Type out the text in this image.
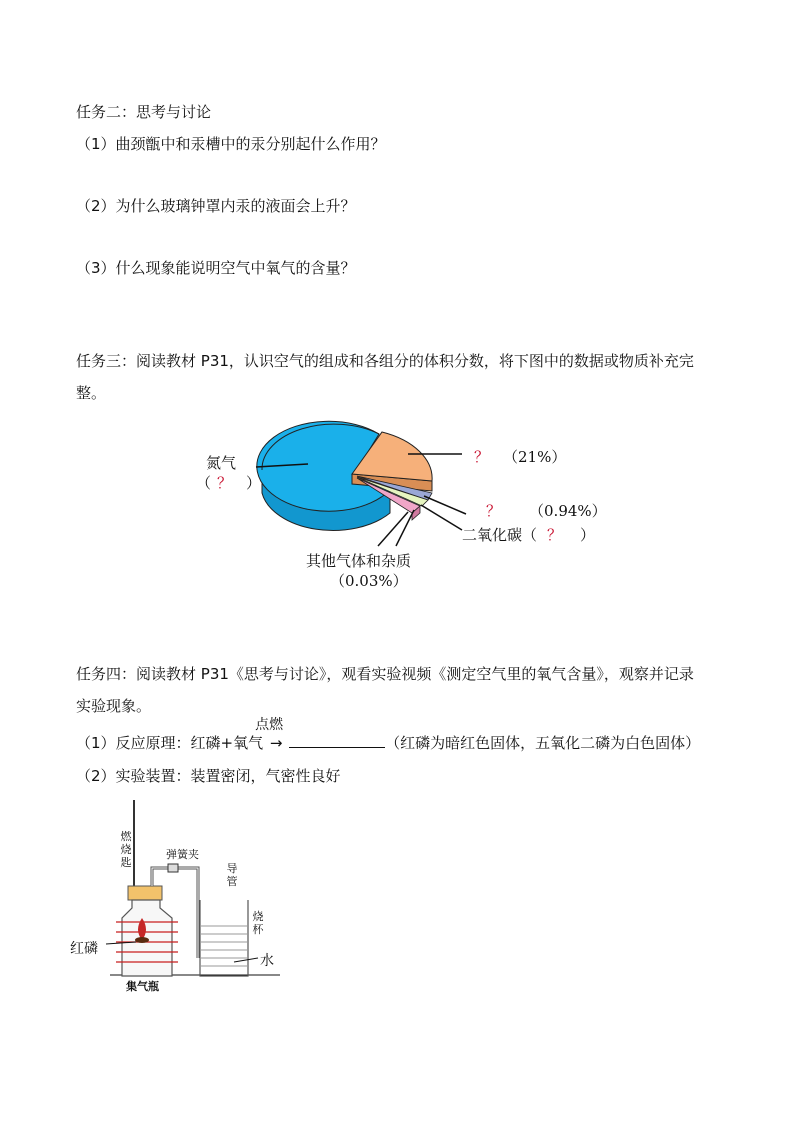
任务二：思考与讨论
（1）曲颈甑中和汞槽中的汞分别起什么作用？
（2）为什么玻璃钟罩内汞的液面会上升？
（3）什么现象能说明空气中氧气的含量？
任务三：阅读教材 P31，认识空气的组成和各组分的体积分数，将下图中的数据或物质补充完
整。
氮气
（ ？ ）
？ （21%）
？ （0.94%）
二氧化碳（ ？ ）
其他气体和杂质
（0.03%）
任务四：阅读教材 P31《思考与讨论》，观看实验视频《测定空气里的氧气含量》，观察并记录
实验现象。
（1）反应原理：红磷+氧气
点燃
→	（红磷为暗红色固体，五氧化二磷为白色固体）
（2）实验装置：装置密闭，气密性良好
燃烧匙
弹簧夹
导管
烧杯
红磷
水
集气瓶
